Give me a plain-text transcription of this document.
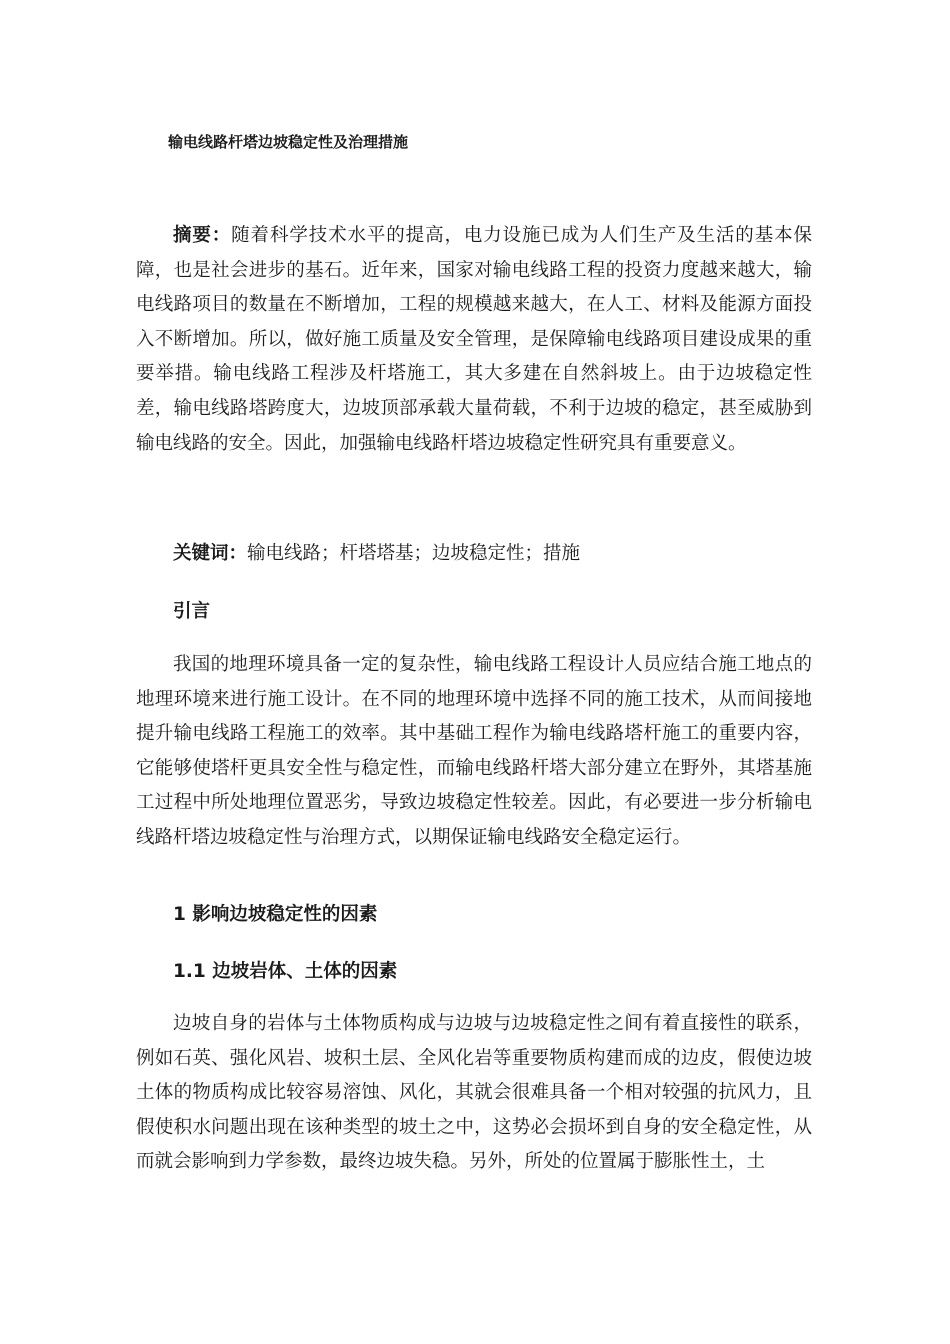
输电线路杆塔边坡稳定性及治理措施

摘要：随着科学技术水平的提高，电力设施已成为人们生产及生活的基本保障，也是社会进步的基石。近年来，国家对输电线路工程的投资力度越来越大，输电线路项目的数量在不断增加，工程的规模越来越大，在人工、材料及能源方面投入不断增加。所以，做好施工质量及安全管理，是保障输电线路项目建设成果的重要举措。输电线路工程涉及杆塔施工，其大多建在自然斜坡上。由于边坡稳定性差，输电线路塔跨度大，边坡顶部承载大量荷载，不利于边坡的稳定，甚至威胁到输电线路的安全。因此，加强输电线路杆塔边坡稳定性研究具有重要意义。

关键词：输电线路；杆塔塔基；边坡稳定性；措施

引言

我国的地理环境具备一定的复杂性，输电线路工程设计人员应结合施工地点的地理环境来进行施工设计。在不同的地理环境中选择不同的施工技术，从而间接地提升输电线路工程施工的效率。其中基础工程作为输电线路塔杆施工的重要内容，它能够使塔杆更具安全性与稳定性，而输电线路杆塔大部分建立在野外，其塔基施工过程中所处地理位置恶劣，导致边坡稳定性较差。因此，有必要进一步分析输电线路杆塔边坡稳定性与治理方式，以期保证输电线路安全稳定运行。

1 影响边坡稳定性的因素

1.1 边坡岩体、土体的因素

边坡自身的岩体与土体物质构成与边坡与边坡稳定性之间有着直接性的联系，例如石英、强化风岩、坡积土层、全风化岩等重要物质构建而成的边皮，假使边坡土体的物质构成比较容易溶蚀、风化，其就会很难具备一个相对较强的抗风力，且假使积水问题出现在该种类型的坡土之中，这势必会损坏到自身的安全稳定性，从而就会影响到力学参数，最终边坡失稳。另外，所处的位置属于膨胀性土，土
